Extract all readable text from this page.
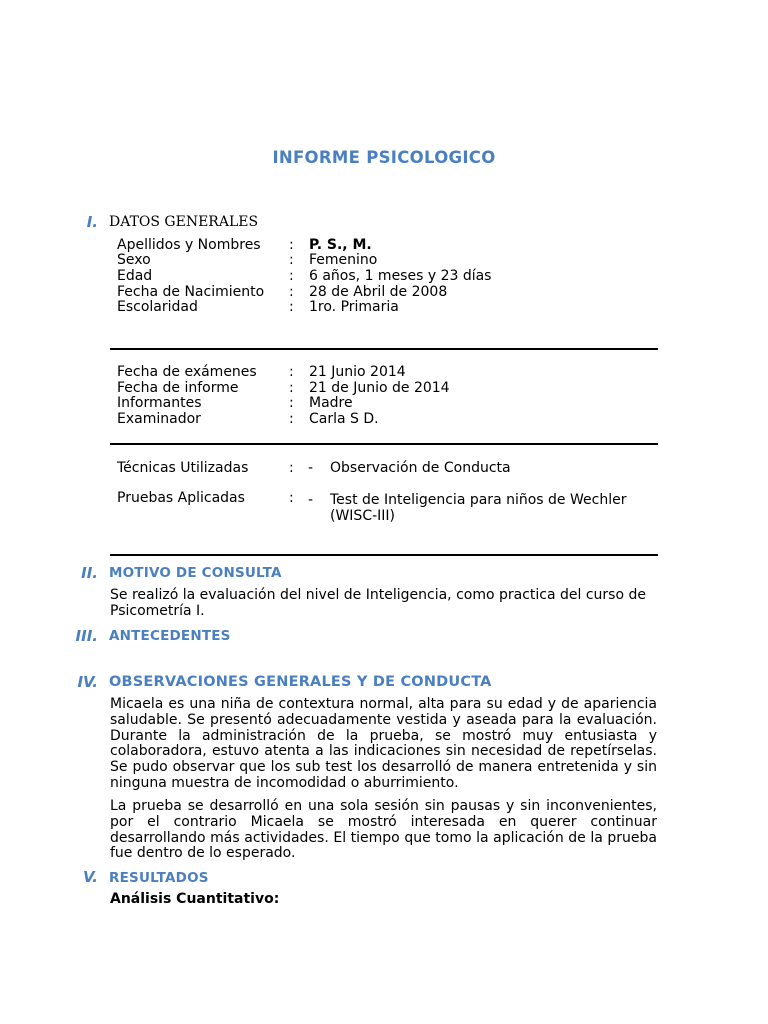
INFORME PSICOLOGICO
I. DATOS GENERALES
Apellidos y Nombres : P. S., M.
Sexo	: Femenino
Edad	: 6 años, 1 meses y 23 días
Fecha de Nacimiento : 28 de Abril de 2008
Escolaridad	: 1ro. Primaria
Fecha de exámenes : 21 Junio 2014
Fecha de informe	: 21 de Junio de 2014
Informantes	: Madre
Examinador	: Carla S D.
Técnicas Utilizadas	: - Observación de Conducta
Pruebas Aplicadas	: - Test de Inteligencia para niños de Wechler
(WISC-III)
II. MOTIVO DE CONSULTA
Se realizó la evaluación del nivel de Inteligencia, como practica del curso de Psicometría I.
III. ANTECEDENTES
IV. OBSERVACIONES GENERALES Y DE CONDUCTA
Micaela es una niña de contextura normal, alta para su edad y de apariencia saludable. Se presentó adecuadamente vestida y aseada para la evaluación. Durante la administración de la prueba, se mostró muy entusiasta y colaboradora, estuvo atenta a las indicaciones sin necesidad de repetírselas. Se pudo observar que los sub test los desarrolló de manera entretenida y sin ninguna muestra de incomodidad o aburrimiento.
La prueba se desarrolló en una sola sesión sin pausas y sin inconvenientes, por el contrario Micaela se mostró interesada en querer continuar desarrollando más actividades. El tiempo que tomo la aplicación de la prueba fue dentro de lo esperado.
V. RESULTADOS
Análisis Cuantitativo:
